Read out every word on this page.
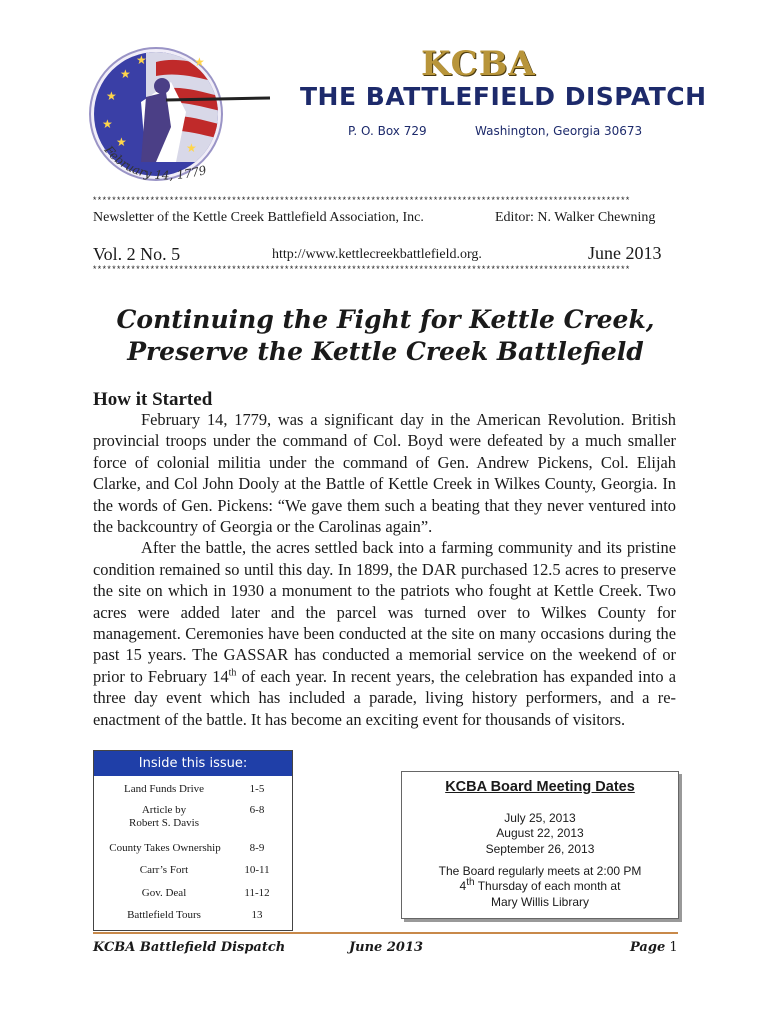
★
★
★
★
★	★
★
February 14, 1779
KCBA
THE BATTLEFIELD DISPATCH
P. O. Box 729	Washington, Georgia 30673
****************************************************************************************************************
Newsletter of the Kettle Creek Battlefield Association, Inc.	Editor: N. Walker Chewning
Vol. 2 No. 5	http://www.kettlecreekbattlefield.org.	June 2013
****************************************************************************************************************
Continuing the Fight for Kettle Creek,
Preserve the Kettle Creek Battlefield
How it Started

February 14, 1779, was a significant day in the American Revolution. British provincial troops under the command of Col. Boyd were defeated by a much smaller force of colonial militia under the command of Gen. Andrew Pickens, Col. Elijah Clarke, and Col John Dooly at the Battle of Kettle Creek in Wilkes County, Georgia. In the words of Gen. Pickens: “We gave them such a beating that they never ventured into the backcountry of Georgia or the Carolinas again”.

After the battle, the acres settled back into a farming community and its pristine condition remained so until this day. In 1899, the DAR purchased 12.5 acres to preserve the site on which in 1930 a monument to the patriots who fought at Kettle Creek. Two acres were added later and the parcel was turned over to Wilkes County for management. Ceremonies have been conducted at the site on many occasions during the past 15 years. The GASSAR has conducted a memorial service on the weekend of or prior to February 14th of each year. In recent years, the celebration has expanded into a three day event which has included a parade, living history performers, and a re-enactment of the battle. It has become an exciting event for thousands of visitors.

Inside this issue:
Land Funds Drive	1-5
Article by	6-8
Robert S. Davis
County Takes Ownership	8-9
Carr’s Fort	10-11
Gov. Deal	11-12
Battlefield Tours	13
KCBA Board Meeting Dates
July 25, 2013
August 22, 2013
September 26, 2013
The Board regularly meets at 2:00 PM
4th Thursday of each month at
Mary Willis Library
KCBA Battlefield Dispatch	June 2013	Page 1
